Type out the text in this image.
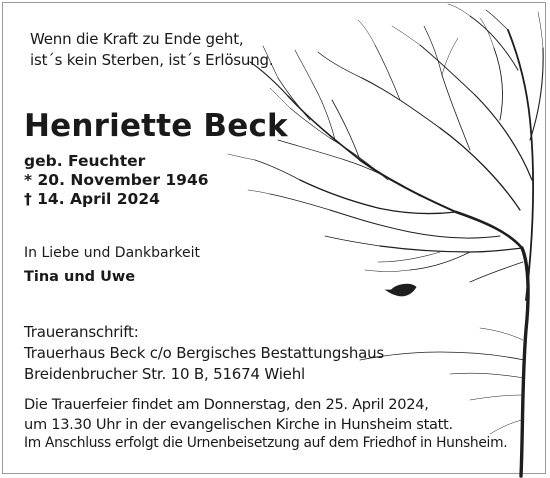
Wenn die Kraft zu Ende geht,
ist´s kein Sterben, ist´s Erlösung.
Henriette Beck
geb. Feuchter
* 20. November 1946
† 14. April 2024
In Liebe und Dankbarkeit
Tina und Uwe
Traueranschrift:
Trauerhaus Beck c/o Bergisches Bestattungshaus
Breidenbrucher Str. 10 B, 51674 Wiehl
Die Trauerfeier findet am Donnerstag, den 25. April 2024,
um 13.30 Uhr in der evangelischen Kirche in Hunsheim statt.
Im Anschluss erfolgt die Urnenbeisetzung auf dem Friedhof in Hunsheim.
